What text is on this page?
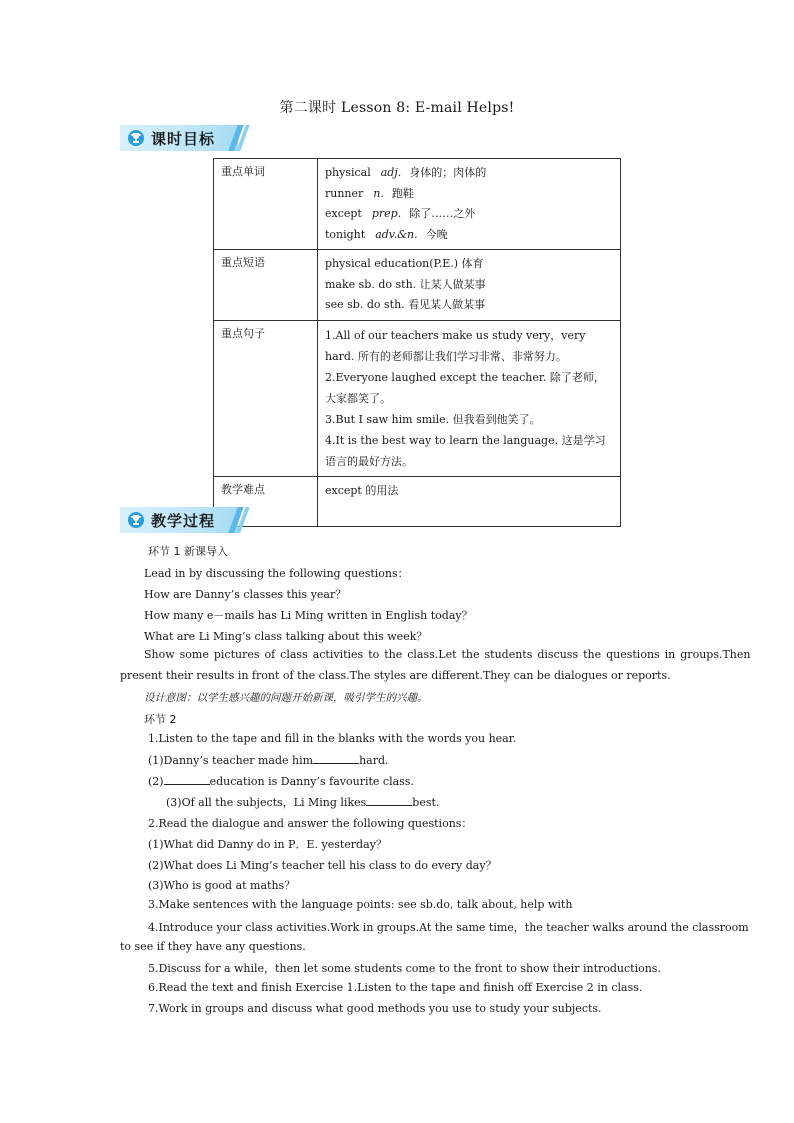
第二课时 Lesson 8: E-mail Helps!
课时目标
重点单词	physical adj. 身体的；肉体的
runner n. 跑鞋
except prep. 除了……之外
tonight adv.&n. 今晚

重点短语	physical education(P.E.) 体育
make sb. do sth. 让某人做某事
see sb. do sth. 看见某人做某事

重点句子	1.All of our teachers make us study very，very hard. 所有的老师都让我们学习非常、非常努力。
2.Everyone laughed except the teacher. 除了老师，大家都笑了。
3.But I saw him smile. 但我看到他笑了。
4.It is the best way to learn the language. 这是学习语言的最好方法。

教学难点	except 的用法
教学过程
环节 1 新课导入
Lead in by discussing the following questions：
How are Danny’s classes this year？
How many e－mails has Li Ming written in English today？
What are Li Ming’s class talking about this week？
Show some pictures of class activities to the class.Let the students discuss the questions in groups.Then
present their results in front of the class.The styles are different.They can be dialogues or reports.
设计意图：以学生感兴趣的问题开始新课，吸引学生的兴趣。
环节 2
1.Listen to the tape and fill in the blanks with the words you hear.
(1)Danny’s teacher made him	hard.
(2)	education is Danny’s favourite class.
(3)Of all the subjects，Li Ming likes	best.
2.Read the dialogue and answer the following questions：
(1)What did Danny do in P．E. yesterday？
(2)What does Li Ming’s teacher tell his class to do every day？
(3)Who is good at maths？
3.Make sentences with the language points: see sb.do, talk about, help with
4.Introduce your class activities.Work in groups.At the same time，the teacher walks around the classroom
to see if they have any questions.
5.Discuss for a while，then let some students come to the front to show their introductions.
6.Read the text and finish Exercise 1.Listen to the tape and finish off Exercise 2 in class.
7.Work in groups and discuss what good methods you use to study your subjects.
